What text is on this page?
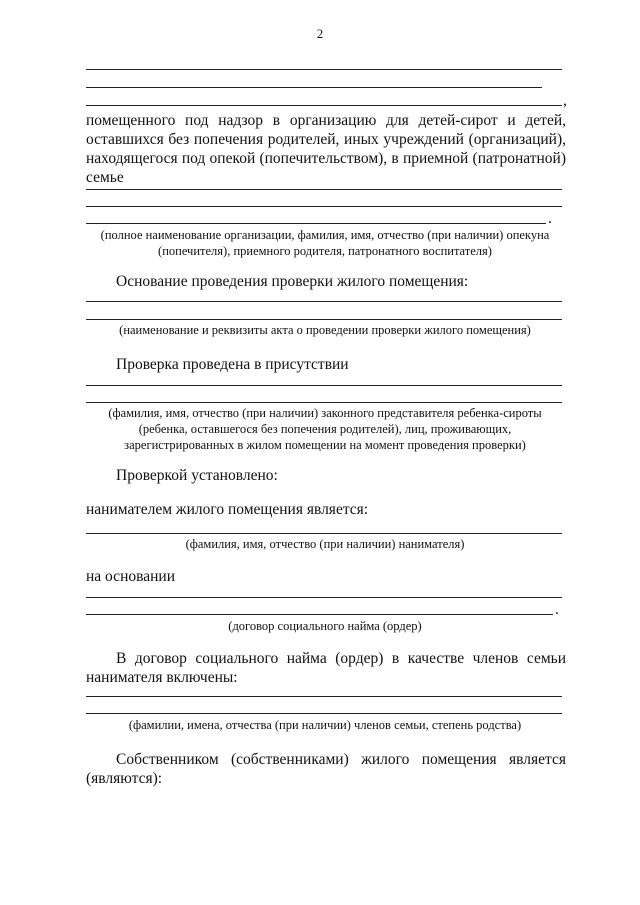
2
,
помещенного под надзор в организацию для детей-сирот и детей,
оставшихся без попечения родителей, иных учреждений (организаций),
находящегося под опекой (попечительством), в приемной (патронатной)
семье
.
(полное наименование организации, фамилия, имя, отчество (при наличии) опекуна
(попечителя), приемного родителя, патронатного воспитателя)
Основание проведения проверки жилого помещения:
(наименование и реквизиты акта о проведении проверки жилого помещения)
Проверка проведена в присутствии
(фамилия, имя, отчество (при наличии) законного представителя ребенка-сироты
(ребенка, оставшегося без попечения родителей), лиц, проживающих,
зарегистрированных в жилом помещении на момент проведения проверки)
Проверкой установлено:
нанимателем жилого помещения является:
(фамилия, имя, отчество (при наличии) нанимателя)
на основании
.
(договор социального найма (ордер)
В договор социального найма (ордер) в качестве членов семьи
нанимателя включены:
(фамилии, имена, отчества (при наличии) членов семьи, степень родства)
Собственником (собственниками) жилого помещения является
(являются):
